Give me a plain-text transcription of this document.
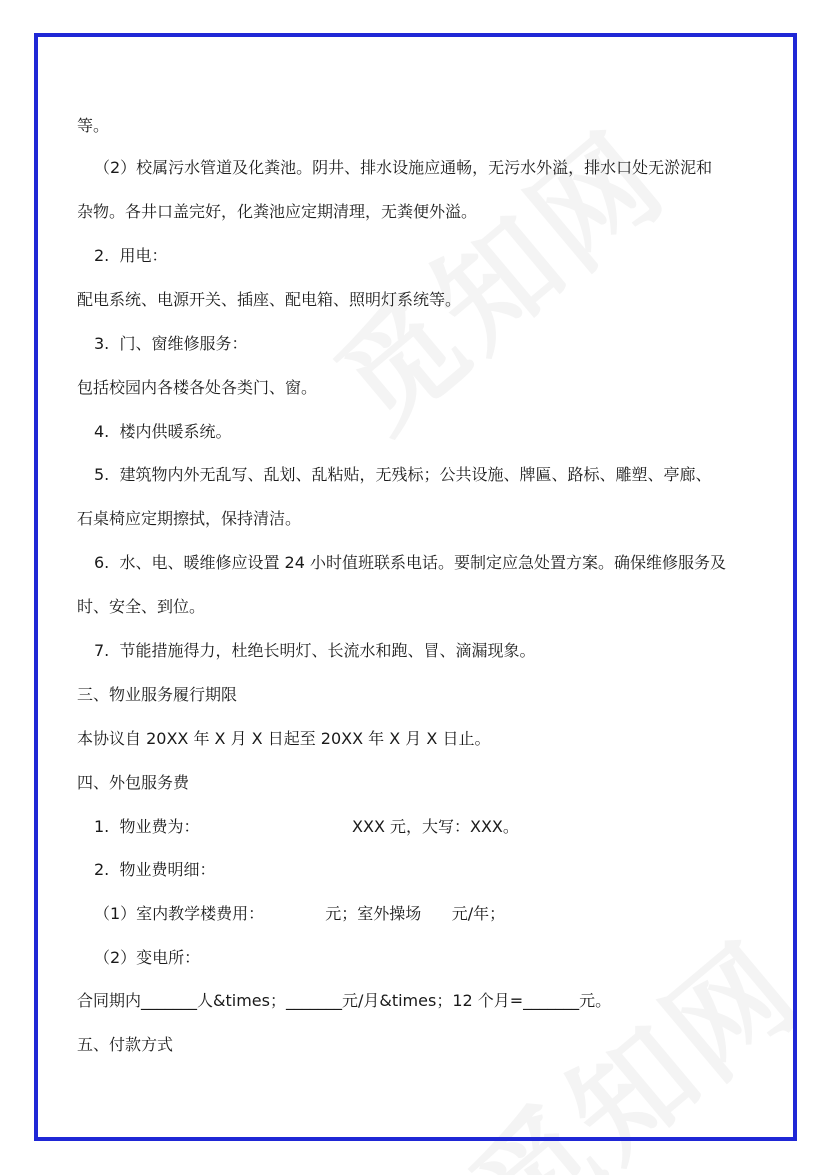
等。
（2）校属污水管道及化粪池。阴井、排水设施应通畅，无污水外溢，排水口处无淤泥和
杂物。各井口盖完好，化粪池应定期清理，无粪便外溢。
2.  用电：
配电系统、电源开关、插座、配电箱、照明灯系统等。
3.  门、窗维修服务：
包括校园内各楼各处各类门、窗。
4.  楼内供暖系统。
5.  建筑物内外无乱写、乱划、乱粘贴，无残标；公共设施、牌匾、路标、雕塑、亭廊、
石桌椅应定期擦拭，保持清洁。
6.  水、电、暖维修应设置 24 小时值班联系电话。要制定应急处置方案。确保维修服务及
时、安全、到位。
7.  节能措施得力，杜绝长明灯、长流水和跑、冒、滴漏现象。
三、物业服务履行期限
本协议自 20XX 年 X 月 X 日起至 20XX 年 X 月 X 日止。
四、外包服务费
1.  物业费为：                              XXX 元，大写：XXX。
2.  物业费明细：
（1）室内教学楼费用：            元；室外操场      元/年；
（2）变电所：
合同期内_______人&times；_______元/月&times；12 个月=_______元。
五、付款方式
